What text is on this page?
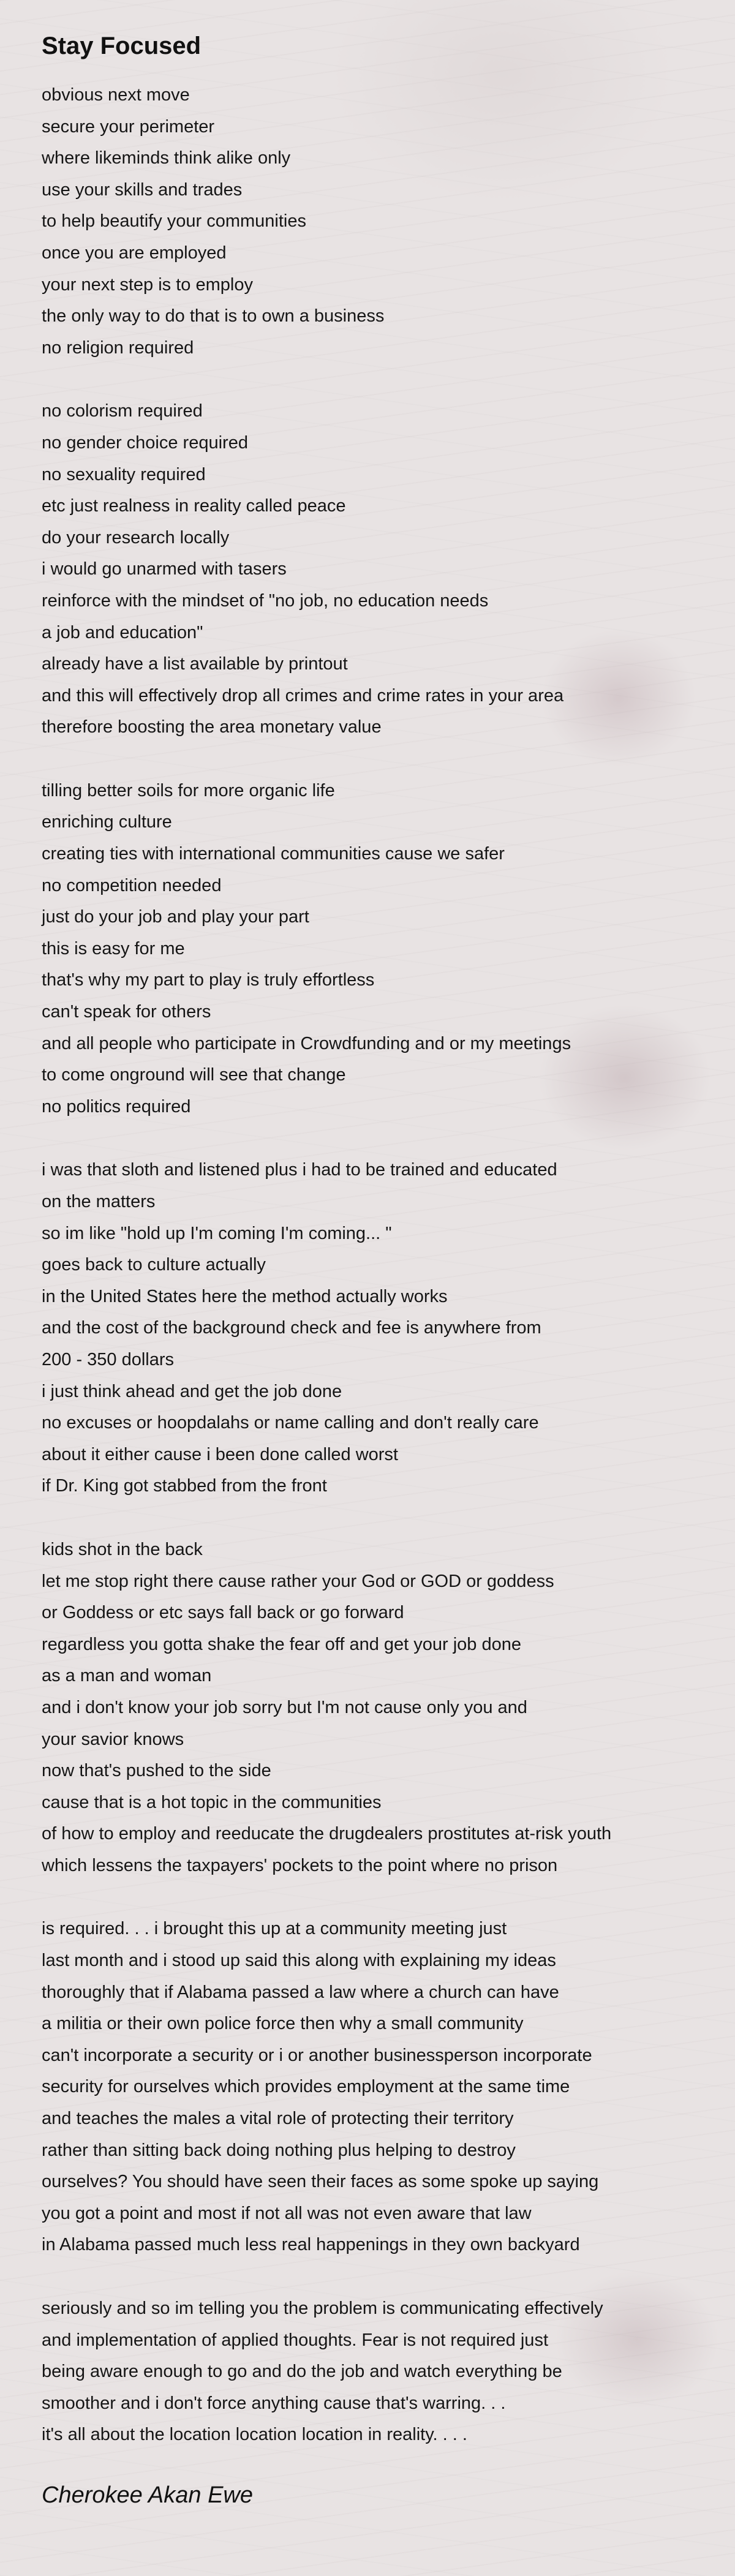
Stay Focused
obvious next move
secure your perimeter
where likeminds think alike only
use your skills and trades
to help beautify your communities
once you are employed
your next step is to employ
the only way to do that is to own a business
no religion required
no colorism required
no gender choice required
no sexuality required
etc just realness in reality called peace
do your research locally
i would go unarmed with tasers
reinforce with the mindset of "no job, no education needs
a job and education"
already have a list available by printout
and this will effectively drop all crimes and crime rates in your area
therefore boosting the area monetary value
tilling better soils for more organic life
enriching culture
creating ties with international communities cause we safer
no competition needed
just do your job and play your part
this is easy for me
that's why my part to play is truly effortless
can't speak for others
and all people who participate in Crowdfunding and or my meetings
to come onground will see that change
no politics required
i was that sloth and listened plus i had to be trained and educated
on the matters
so im like "hold up I'm coming I'm coming... "
goes back to culture actually
in the United States here the method actually works
and the cost of the background check and fee is anywhere from
200 - 350 dollars
i just think ahead and get the job done
no excuses or hoopdalahs or name calling and don't really care
about it either cause i been done called worst
if Dr. King got stabbed from the front
kids shot in the back
let me stop right there cause rather your God or GOD or goddess
or Goddess or etc says fall back or go forward
regardless you gotta shake the fear off and get your job done
as a man and woman
and i don't know your job sorry but I'm not cause only you and
your savior knows
now that's pushed to the side
cause that is a hot topic in the communities
of how to employ and reeducate the drugdealers prostitutes at-risk youth
which lessens the taxpayers' pockets to the point where no prison
is required. . . i brought this up at a community meeting just
last month and i stood up said this along with explaining my ideas
thoroughly that if Alabama passed a law where a church can have
a militia or their own police force then why a small community
can't incorporate a security or i or another businessperson incorporate
security for ourselves which provides employment at the same time
and teaches the males a vital role of protecting their territory
rather than sitting back doing nothing plus helping to destroy
ourselves? You should have seen their faces as some spoke up saying
you got a point and most if not all was not even aware that law
in Alabama passed much less real happenings in they own backyard
seriously and so im telling you the problem is communicating effectively
and implementation of applied thoughts. Fear is not required just
being aware enough to go and do the job and watch everything be
smoother and i don't force anything cause that's warring. . .
it's all about the location location location in reality. . . .
Cherokee Akan Ewe
